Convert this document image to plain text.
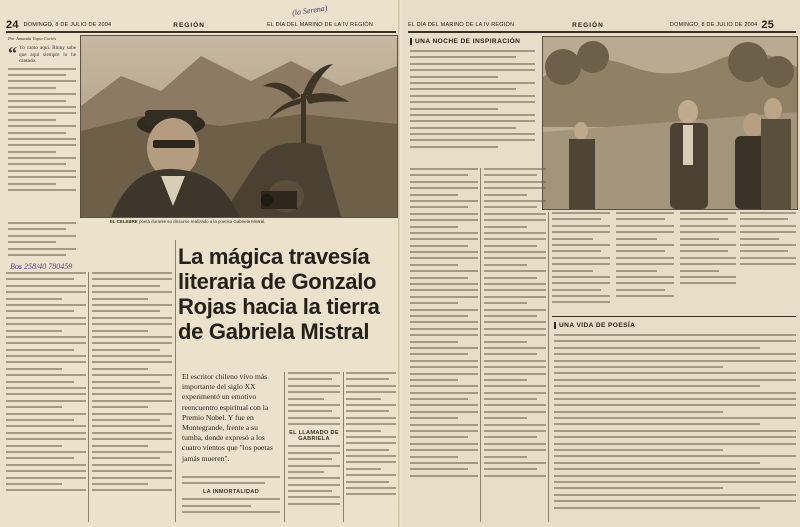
24 DOMINGO, 8 DE JULIO DE 2004	REGIÓN	EL DÍA DEL MARINO DE LA IV REGIÓN
(la Serena)
Por Amanda Tapia Cortés
“ Yo canto aquí. Rinny sabe que aquí siempre lo he cantado.

EL CELEBRE poeta durante su discurso realizado a la poetisa Gabriela Mistral.
Bos 258/40 780459	La mágica travesía literaria de Gonzalo Rojas hacia la tierra de Gabriela Mistral
El escritor chileno vivo más importante del siglo XX experimentó un emotivo reencuentro espiritual con la Premio Nobel. Y fue en Montegrande, frente a su tumba, donde expresó a los cuatro vientos que "los poetas jamás mueren".
LA INMORTALIDAD
EL LLAMADO DE GABRIELA
EL DÍA DEL MARINO DE LA IV REGIÓN	REGIÓN	DOMINGO, 8 DE JULIO DE 2004 25
UNA NOCHE DE INSPIRACIÓN
UNA VIDA DE POESÍA
